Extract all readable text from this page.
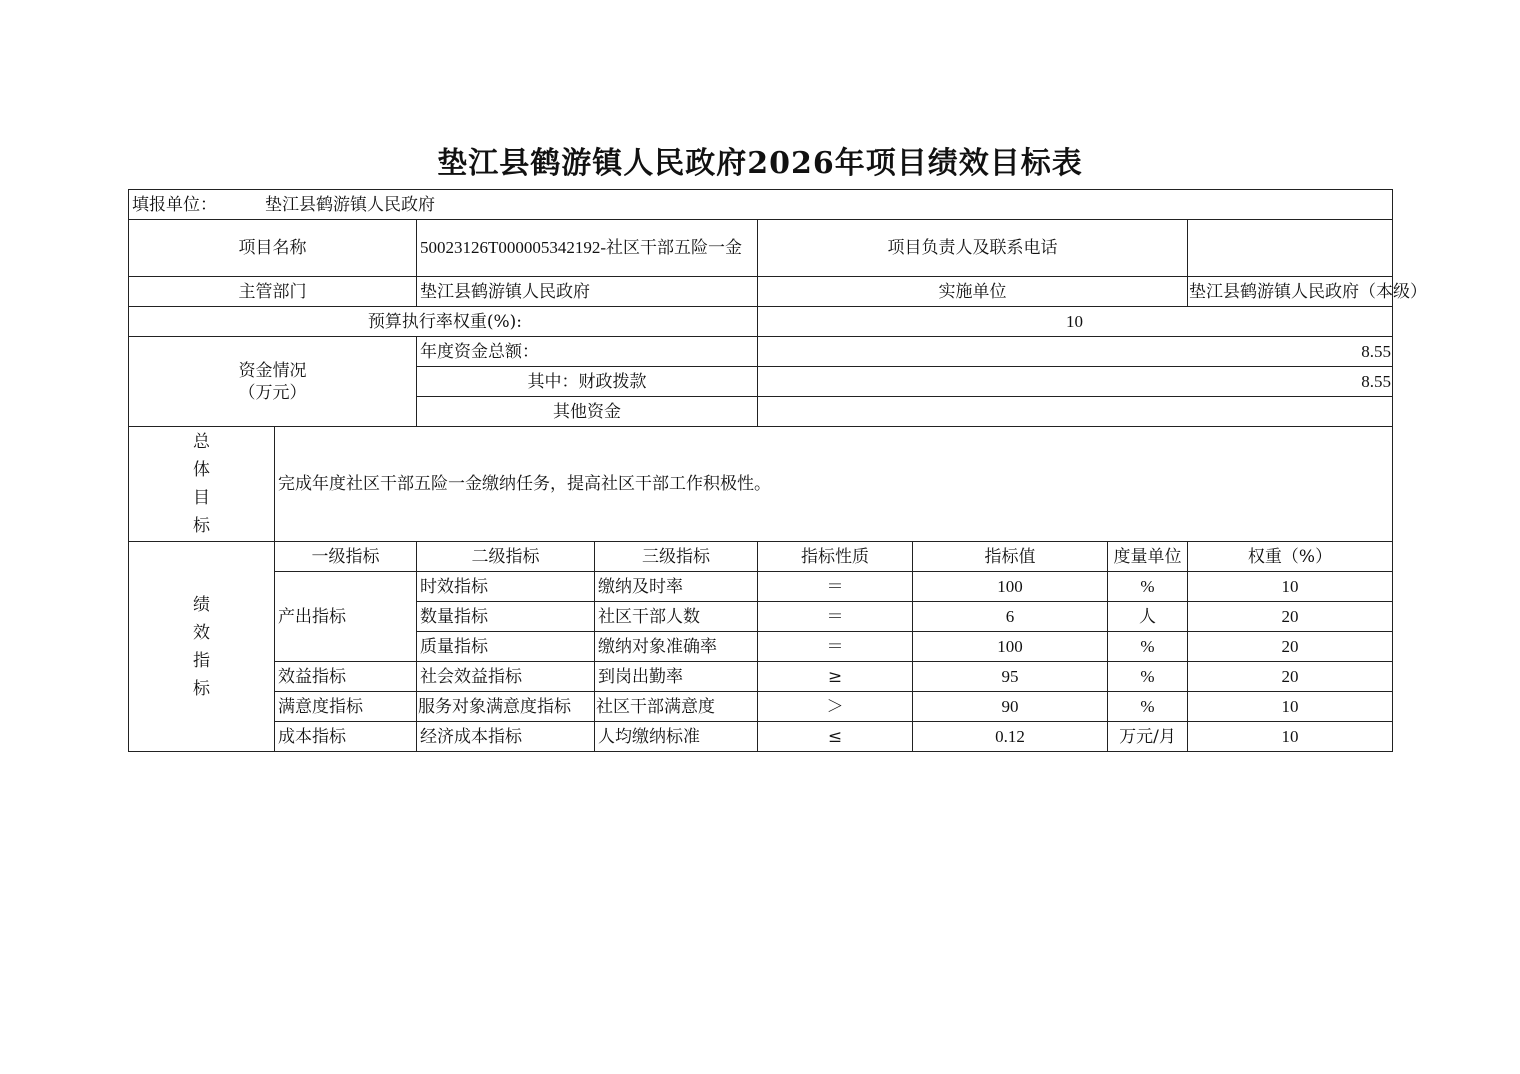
垫江县鹤游镇人民政府2026年项目绩效目标表
填报单位： 垫江县鹤游镇人民政府							
项目名称		50023126T000005342192-社区干部五险一金		项目负责人及联系电话			
主管部门		垫江县鹤游镇人民政府		实施单位			垫江县鹤游镇人民政府（本级）
预算执行率权重(%):				10			

资金情况
（万元）		年度资金总额：		8.55			
		其中：财政拨款		8.55			
		其他资金					

总
体
目
标	完成年度社区干部五险一金缴纳任务，提高社区干部工作积极性。						

绩
效
指
标	一级指标	二级指标	三级指标	指标性质	指标值	度量单位	权重（%）
	产出指标	时效指标	缴纳及时率	＝	100	%	10
		数量指标	社区干部人数	＝	6	人	20
		质量指标	缴纳对象准确率	＝	100	%	20
	效益指标	社会效益指标	到岗出勤率	≥	95	%	20
	满意度指标	服务对象满意度指标	社区干部满意度	＞	90	%	10
	成本指标	经济成本指标	人均缴纳标准	≤	0.12	万元/月	10
